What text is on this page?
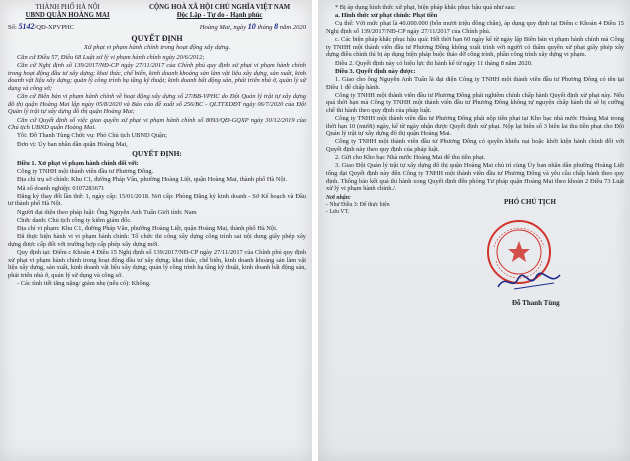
THÀNH PHỐ HÀ NỘI
UBND QUẬN HOÀNG MAI
CỘNG HOÀ XÃ HỘI CHỦ NGHĨA VIỆT NAM
Độc Lập - Tự do - Hạnh phúc
Số: 5142/QĐ-XPVPHC	Hoàng Mai, ngày 10 tháng 8 năm 2020
QUYẾT ĐỊNH
Xử phạt vi phạm hành chính trong hoạt động xây dựng.

Căn cứ Điều 57, Điều 68 Luật xử lý vi phạm hành chính ngày 20/6/2012;

Căn cứ Nghị định số 139/2017/NĐ-CP ngày 27/11/2017 của Chính phủ quy định xử phạt vi phạm hành chính trong hoạt động đầu tư xây dựng; khai thác, chế biến, kinh doanh khoáng sản làm vật liệu xây dựng, sản xuất, kinh doanh vật liệu xây dựng; quản lý công trình hạ tầng kỹ thuật; kinh doanh bất động sản, phát triển nhà ở, quản lý sử dụng và công sở;

Căn cứ Biên bản vi phạm hành chính về hoạt động xây dựng số 27/BB-VPHC do Đội Quản lý trật tự xây dựng đô thị quận Hoàng Mai lập ngày 05/8/2020 và Báo cáo đề xuất số 256/BC - QLTTXDĐT ngày 06/7/2020 của Đội Quản lý trật tự xây dựng đô thị quận Hoàng Mai;

Căn cứ Quyết định số việc giao quyền xử phạt vi phạm hành chính số 8093/QĐ-GQXP ngày 30/12/2019 của Chủ tịch UBND quận Hoàng Mai.

Tôi: Đỗ Thanh Tùng Chức vụ: Phó Chủ tịch UBND Quận;

Đơn vị: Ủy ban nhân dân quận Hoàng Mai,

QUYẾT ĐỊNH:

Điều 1. Xử phạt vi phạm hành chính đối với:

Công ty TNHH một thành viên đầu tư Phương Đông.

Địa chỉ trụ sở chính: Khu C1, đường Pháp Vân, phường Hoàng Liệt, quận Hoàng Mai, thành phố Hà Nội.

Mã số doanh nghiệp: 0107283671

Đăng ký thay đổi lần thứ: 1, ngày cấp: 15/01/2018. Nơi cấp: Phòng Đăng ký kinh doanh - Sở Kế hoạch và Đầu tư thành phố Hà Nội.

Người đại diện theo pháp luật: Ông Nguyễn Anh Tuấn Giới tính: Nam

Chức danh: Chủ tịch công ty kiêm giám đốc.

Địa chỉ vi phạm: Khu C1, đường Pháp Vân, phường Hoàng Liệt, quận Hoàng Mai, thành phố Hà Nội.

Đã thực hiện hành vi vi phạm hành chính: Tổ chức thi công xây dựng công trình sai nội dung giấy phép xây dựng được cấp đối với trường hợp cấp phép xây dựng mới.

Quy định tại: Điểm c Khoản 4 Điều 15 Nghị định số 139/2017/NĐ-CP ngày 27/11/2017 của Chính phủ quy định xử phạt vi phạm hành chính trong hoạt động đầu tư xây dựng; khai thác, chế biến, kinh doanh khoáng sản làm vật liệu xây dựng, sản xuất, kinh doanh vật liệu xây dựng; quản lý công trình hạ tầng kỹ thuật, kinh doanh bất động sản, phát triển nhà ở, quản lý sử dụng và công sở.

- Các tình tiết tăng nặng/ giảm nhẹ (nếu có): Không.

* Bị áp dụng hình thức xử phạt, biện pháp khắc phục hậu quả như sau:

a. Hình thức xử phạt chính: Phạt tiền

Cụ thể: Với mức phạt là 40.000.000 (bốn mươi triệu đồng chẵn), áp dụng quy định tại Điểm c Khoản 4 Điều 15 Nghị định số 139/2017/NĐ-CP ngày 27/11/2017 của Chính phủ.

c. Các biện pháp khắc phục hậu quả: Hết thời hạn 60 ngày kể từ ngày lập Biên bản vi phạm hành chính mà Công ty TNHH một thành viên đầu tư Phương Đông không xuất trình với người có thẩm quyền xử phạt giấy phép xây dựng điều chỉnh thì bị áp dụng biện pháp buộc tháo dỡ công trình, phần công trình xây dựng vi phạm.

Điều 2. Quyết định này có hiệu lực thi hành kể từ ngày 11 tháng 8 năm 2020.

Điều 3. Quyết định này được:

1. Giao cho ông Nguyễn Anh Tuấn là đại diện Công ty TNHH một thành viên đầu tư Phương Đông có tên tại Điều 1 để chấp hành.

Công ty TNHH một thành viên đầu tư Phương Đông phải nghiêm chỉnh chấp hành Quyết định xử phạt này. Nếu quá thời hạn mà Công ty TNHH một thành viên đầu tư Phương Đông không tự nguyện chấp hành thì sẽ bị cưỡng chế thi hành theo quy định của pháp luật.

Công ty TNHH một thành viên đầu tư Phương Đông phải nộp tiền phạt tại Kho bạc nhà nước Hoàng Mai trong thời hạn 10 (mười) ngày, kể từ ngày nhận được Quyết định xử phạt. Nộp lại biên số 3 biên lai thu tiền phạt cho Đội Quản lý trật tự xây dựng đô thị quận Hoàng Mai.

Công ty TNHH một thành viên đầu tư Phương Đông có quyền khiếu nại hoặc khởi kiện hành chính đối với Quyết định này theo quy định của pháp luật.

2. Gửi cho Kho bạc Nhà nước Hoàng Mai để thu tiền phạt.

3. Giao Đội Quản lý trật tự xây dựng đô thị quận Hoàng Mai chủ trì cùng Ủy ban nhân dân phường Hoàng Liệt tống đạt Quyết định này đến Công ty TNHH một thành viên đầu tư Phương Đông và yêu cầu chấp hành theo quy định. Thông báo kết quả thi hành xong Quyết định đến phòng Tư pháp quận Hoàng Mai theo khoản 2 Điều 73 Luật xử lý vi phạm hành chính./.

Nơi nhận:
- Như Điều 3: Để thực hiện
- Lưu VT.
PHÓ CHỦ TỊCH
Đỗ Thanh Tùng
